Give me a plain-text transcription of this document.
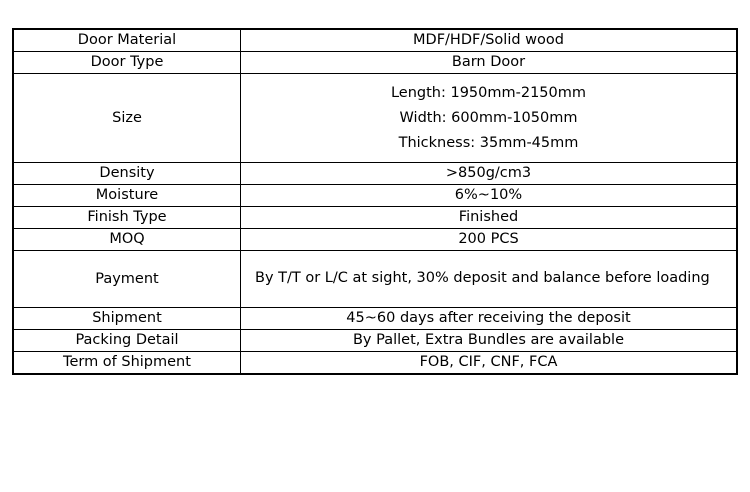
Door Material	MDF/HDF/Solid wood
Door Type	Barn Door
Size	Length: 1950mm-2150mm
Width: 600mm-1050mm
Thickness: 35mm-45mm

Density	>850g/cm3
Moisture	6%~10%
Finish Type	Finished
MOQ	200 PCS
Payment	By T/T or L/C at sight, 30% deposit and balance before loading

Shipment	45~60 days after receiving the deposit
Packing Detail	By Pallet, Extra Bundles are available
Term of Shipment	FOB, CIF, CNF, FCA
